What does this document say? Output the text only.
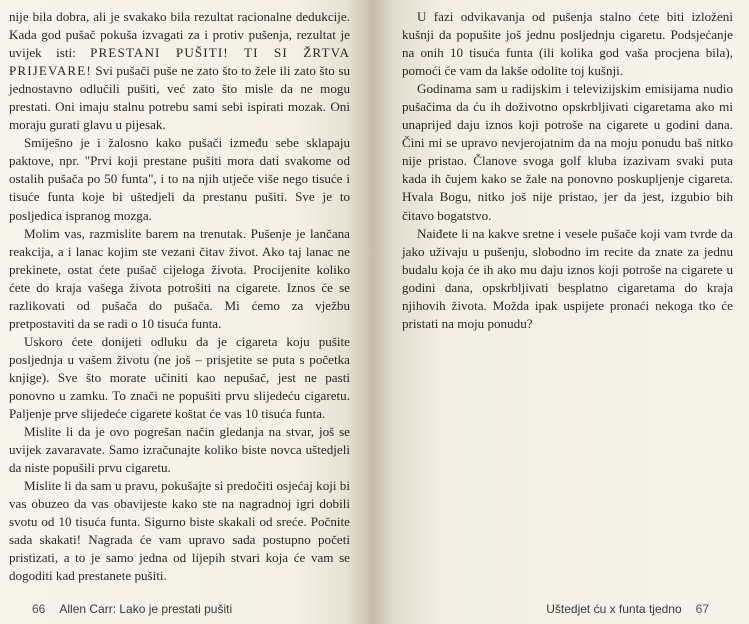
nije bila dobra, ali je svakako bila rezultat racionalne dedukcije. Kada god pušač pokuša izvagati za i protiv pušenja, rezultat je uvijek isti: PRESTANI PUŠITI! TI SI ŽRTVA PRIJEVARE! Svi pušači puše ne zato što to žele ili zato što su jednostavno odlučili pušiti, već zato što misle da ne mogu prestati. Oni imaju stalnu potrebu sami sebi ispirati mozak. Oni moraju gurati glavu u pijesak.

Smiješno je i žalosno kako pušači između sebe sklapaju paktove, npr. "Prvi koji prestane pušiti mora dati svakome od ostalih pušača po 50 funta", i to na njih utječe više nego tisuće i tisuće funta koje bi uštedjeli da prestanu pušiti. Sve je to posljedica ispranog mozga.

Molim vas, razmislite barem na trenutak. Pušenje je lančana reakcija, a i lanac kojim ste vezani čitav život. Ako taj lanac ne prekinete, ostat ćete pušač cijeloga života. Procijenite koliko ćete do kraja vašega života potrošiti na cigarete. Iznos će se razlikovati od pušača do pušača. Mi ćemo za vježbu pretpostaviti da se radi o 10 tisuća funta.

Uskoro ćete donijeti odluku da je cigareta koju pušite posljednja u vašem životu (ne još – prisjetite se puta s početka knjige). Sve što morate učiniti kao nepušač, jest ne pasti ponovno u zamku. To znači ne popušiti prvu slijedeću cigaretu. Paljenje prve slijedeće cigarete koštat će vas 10 tisuća funta.

Mislite li da je ovo pogrešan način gledanja na stvar, još se uvijek zavaravate. Samo izračunajte koliko biste novca uštedjeli da niste popušili prvu cigaretu.

Mislite li da sam u pravu, pokušajte si predočiti osjećaj koji bi vas obuzeo da vas obavijeste kako ste na nagradnoj igri dobili svotu od 10 tisuća funta. Sigurno biste skakali od sreće. Počnite sada skakati! Nagrada će vam upravo sada postupno početi pristizati, a to je samo jedna od lijepih stvari koja će vam se dogoditi kad prestanete pušiti.

66 Allen Carr: Lako je prestati pušiti

U fazi odvikavanja od pušenja stalno ćete biti izloženi kušnji da popušite još jednu posljednju cigaretu. Podsjećanje na onih 10 tisuća funta (ili kolika god vaša procjena bila), pomoći će vam da lakše odolite toj kušnji.

Godinama sam u radijskim i televizijskim emisijama nudio pušačima da ću ih doživotno opskrbljivati cigaretama ako mi unaprijed daju iznos koji potroše na cigarete u godini dana. Čini mi se upravo nevjerojatnim da na moju ponudu baš nitko nije pristao. Članove svoga golf kluba izazivam svaki puta kada ih čujem kako se žale na ponovno poskupljenje cigareta. Hvala Bogu, nitko još nije pristao, jer da jest, izgubio bih čitavo bogatstvo.

Naiđete li na kakve sretne i vesele pušače koji vam tvrde da jako uživaju u pušenju, slobodno im recite da znate za jednu budalu koja će ih ako mu daju iznos koji potroše na cigarete u godini dana, opskrbljivati besplatno cigaretama do kraja njihovih života. Možda ipak uspijete pronaći nekoga tko će pristati na moju ponudu?

Uštedjet ću x funta tjedno 67
